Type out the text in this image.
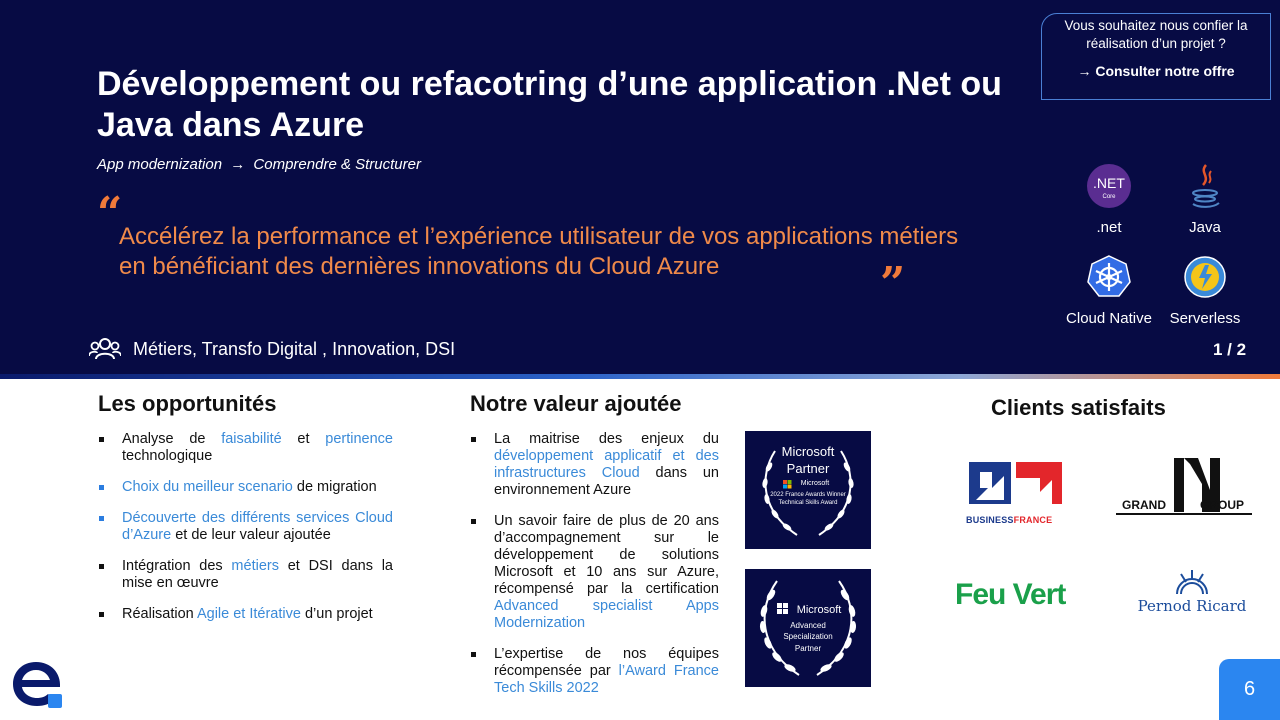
Développement ou refacotring d’une application .Net ou Java dans Azure
App modernization → Comprendre & Structurer
“

Accélérez la performance et l’expérience utilisateur de vos applications métiers en bénéficiant des dernières innovations du Cloud Azure	”
Métiers, Transfo Digital , Innovation, DSI	1 / 2
Vous souhaitez nous confier la réalisation d’un projet ?
→ Consulter notre offre
.NET
Core
.net	Java
Cloud Native	Serverless
Les opportunités
Analyse de faisabilité et pertinence technologique
Choix du meilleur scenario de migration
Découverte des différents services Cloud d’Azure et de leur valeur ajoutée
Intégration des métiers et DSI dans la mise en œuvre
Réalisation Agile et Itérative d’un projet
Notre valeur ajoutée
La maitrise des enjeux du développement applicatif et des infrastructures Cloud dans un environnement Azure
Un savoir faire de plus de 20 ans d’accompagnement sur le développement de solutions Microsoft et 10 ans sur Azure, récompensé par la certification Advanced specialist Apps Modernization
L’expertise de nos équipes récompensée par l’Award France Tech Skills 2022
Microsoft
Partner
Microsoft
2022 France Awards Winner
Technical Skills Award
Microsoft
Advanced
Specialization
Partner
Clients satisfaits
BUSINESSFRANCE
GRAND	GROUP
Feu Vert	Pernod Ricard
6
